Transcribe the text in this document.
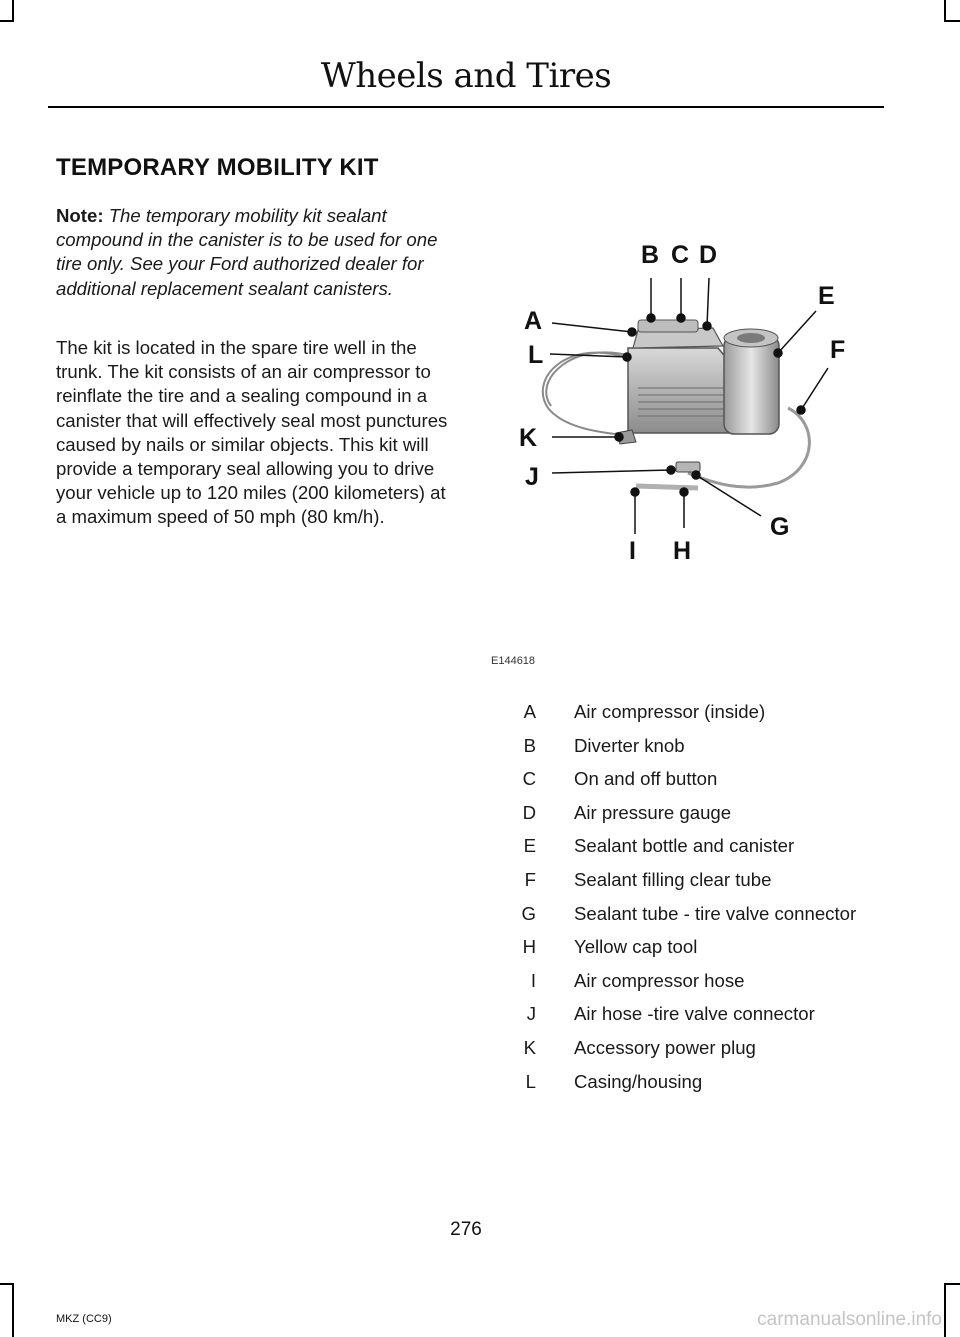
Wheels and Tires
TEMPORARY MOBILITY KIT
Note: The temporary mobility kit sealant compound in the canister is to be used for one tire only. See your Ford authorized dealer for additional replacement sealant canisters.
The kit is located in the spare tire well in the trunk. The kit consists of an air compressor to reinflate the tire and a sealing compound in a canister that will effectively seal most punctures caused by nails or similar objects. This kit will provide a temporary seal allowing you to drive your vehicle up to 120 miles (200 kilometers) at a maximum speed of 50 mph (80 km/h).
A
B C D
E
F
G
H
I
J
K
L
E144618
A Air compressor (inside)
B Diverter knob
C On and off button
D Air pressure gauge
E Sealant bottle and canister
F Sealant filling clear tube
G Sealant tube - tire valve connector
H Yellow cap tool
I Air compressor hose
J Air hose -tire valve connector
K Accessory power plug
L Casing/housing
276
MKZ (CC9)	carmanualsonline.info
